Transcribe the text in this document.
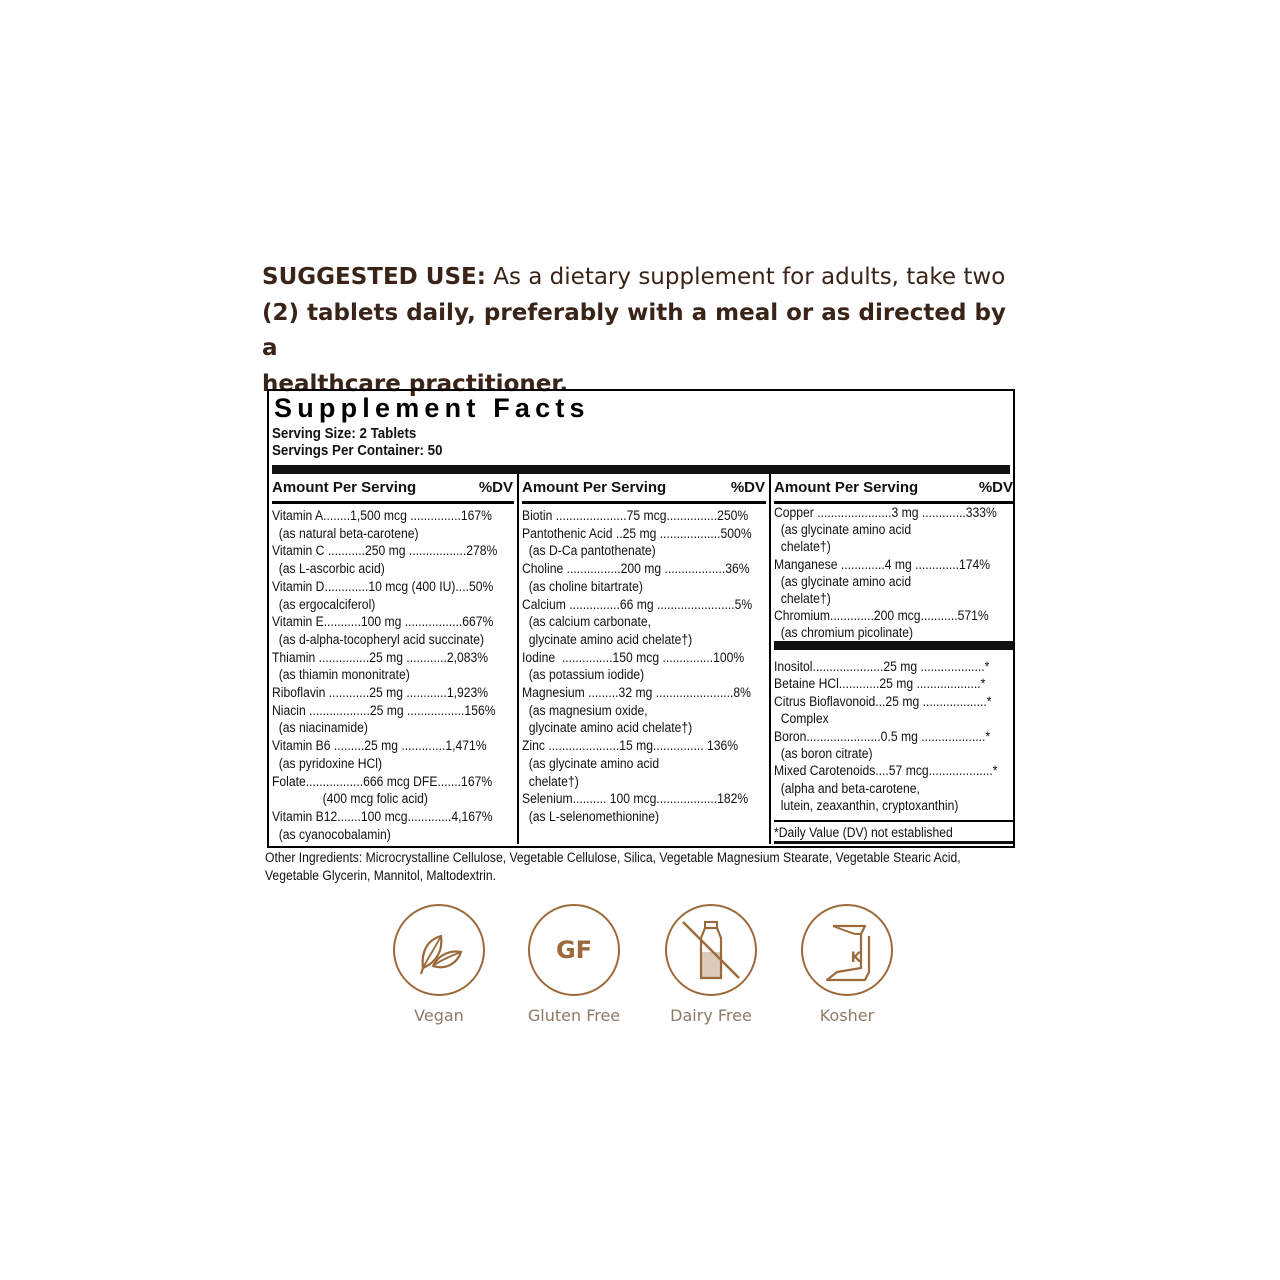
SUGGESTED USE: As a dietary supplement for adults, take two
(2) tablets daily, preferably with a meal or as directed by a
healthcare practitioner.
Supplement Facts
Serving Size: 2 Tablets
Servings Per Container: 50
Amount Per Serving	%DV
Vitamin A........1,500 mcg ...............167%
(as natural beta-carotene)
Vitamin C ...........250 mg .................278%
(as L-ascorbic acid)
Vitamin D.............10 mcg (400 IU)....50%
(as ergocalciferol)
Vitamin E...........100 mg .................667%
(as d-alpha-tocopheryl acid succinate)
Thiamin ...............25 mg ............2,083%
(as thiamin mononitrate)
Riboflavin ............25 mg ............1,923%
Niacin ..................25 mg .................156%
(as niacinamide)
Vitamin B6 .........25 mg .............1,471%
(as pyridoxine HCl)
Folate.................666 mcg DFE.......167%
(400 mcg folic acid)
Vitamin B12.......100 mcg.............4,167%
(as cyanocobalamin)
Amount Per Serving	%DV
Biotin .....................75 mcg...............250%
Pantothenic Acid ..25 mg ..................500%
(as D-Ca pantothenate)
Choline ................200 mg ..................36%
(as choline bitartrate)
Calcium ...............66 mg .......................5%
(as calcium carbonate,
glycinate amino acid chelate†)
Iodine  ...............150 mcg ...............100%
(as potassium iodide)
Magnesium .........32 mg .......................8%
(as magnesium oxide,
glycinate amino acid chelate†)
Zinc .....................15 mg............... 136%
(as glycinate amino acid
chelate†)
Selenium.......... 100 mcg..................182%
(as L-selenomethionine)
Amount Per Serving	%DV
Copper ......................3 mg .............333%
(as glycinate amino acid
chelate†)
Manganese .............4 mg .............174%
(as glycinate amino acid
chelate†)
Chromium.............200 mcg...........571%
(as chromium picolinate)
Inositol.....................25 mg ...................*
Betaine HCl............25 mg ...................*
Citrus Bioflavonoid...25 mg ...................*
Complex
Boron......................0.5 mg ...................*
(as boron citrate)
Mixed Carotenoids....57 mcg...................*
(alpha and beta-carotene,
lutein, zeaxanthin, cryptoxanthin)
*Daily Value (DV) not established
Other Ingredients: Microcrystalline Cellulose, Vegetable Cellulose, Silica, Vegetable Magnesium Stearate, Vegetable Stearic Acid,
Vegetable Glycerin, Mannitol, Maltodextrin.
Vegan
GF
Gluten Free	Dairy Free
K
Kosher
